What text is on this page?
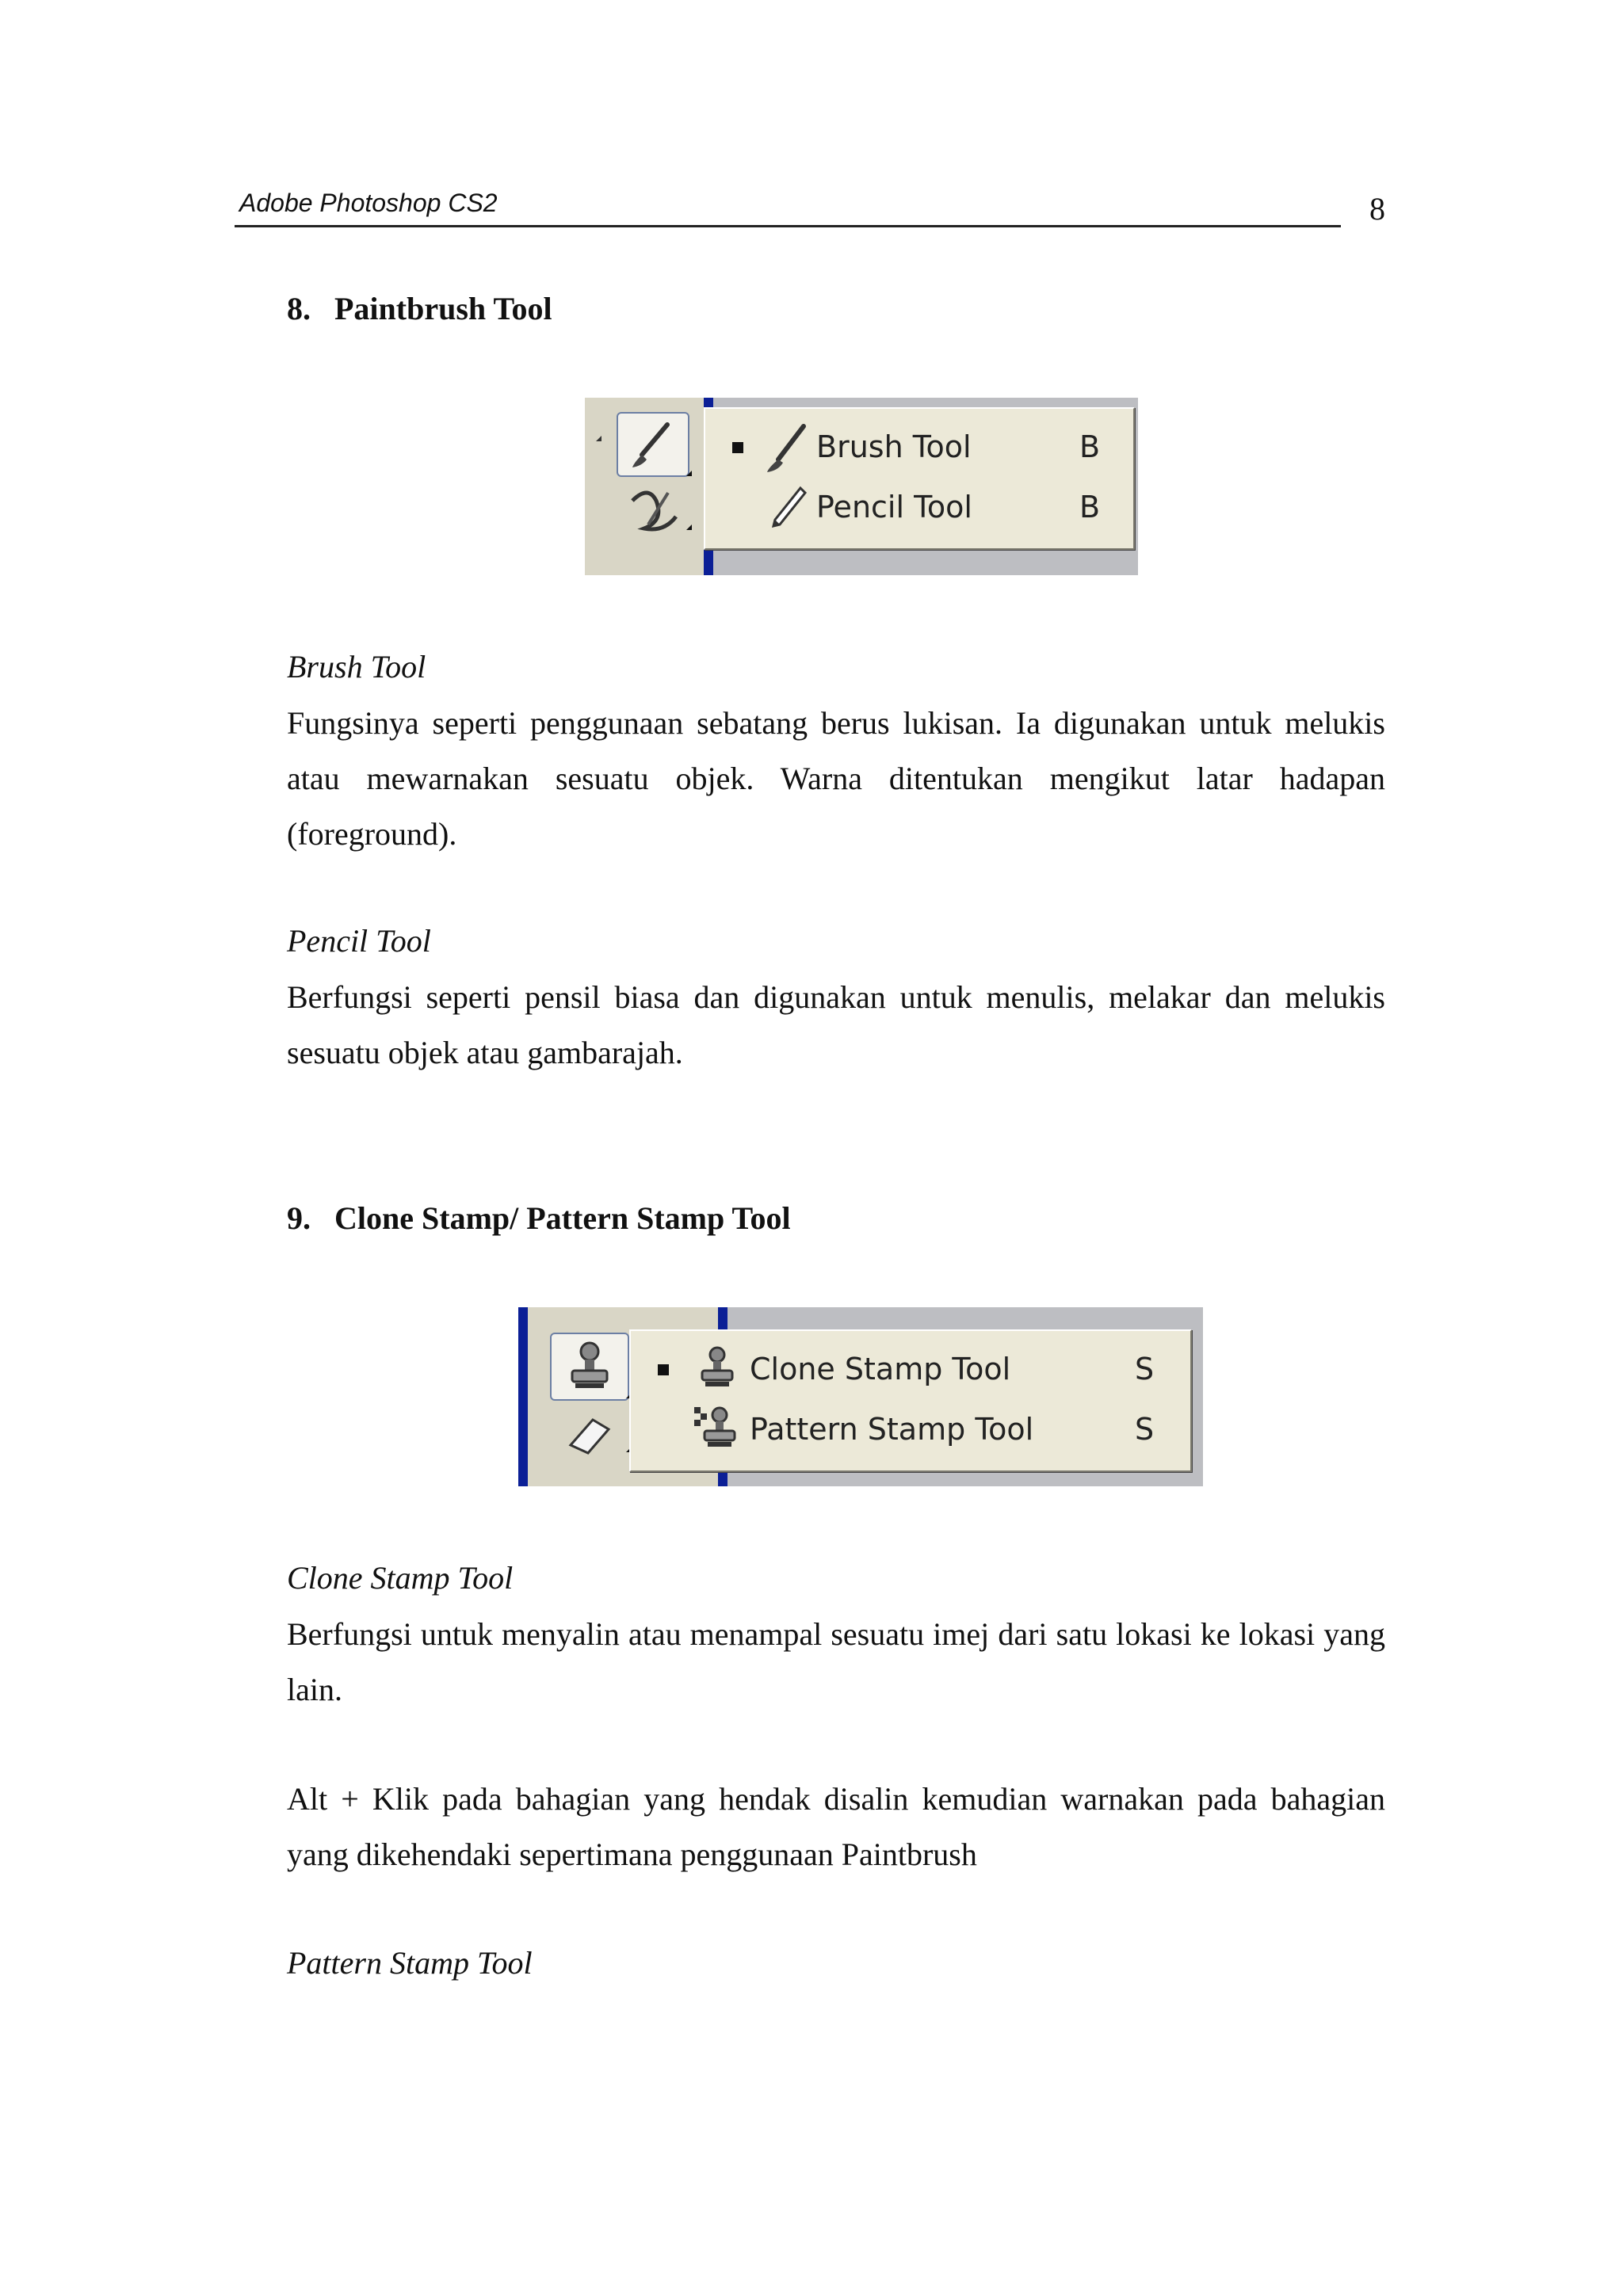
Adobe Photoshop CS2	8
8. Paintbrush Tool
Brush Tool	B
Pencil Tool	B
Brush Tool
Fungsinya seperti penggunaan sebatang berus lukisan. Ia digunakan untuk melukis atau mewarnakan sesuatu objek. Warna ditentukan mengikut latar hadapan (foreground).
Pencil Tool
Berfungsi seperti pensil biasa dan digunakan untuk menulis, melakar dan melukis sesuatu objek atau gambarajah.
9. Clone Stamp/ Pattern Stamp Tool
Clone Stamp Tool	S
Pattern Stamp Tool	S
Clone Stamp Tool
Berfungsi untuk menyalin atau menampal sesuatu imej dari satu lokasi ke lokasi yang lain.
Alt + Klik pada bahagian yang hendak disalin kemudian warnakan pada bahagian yang dikehendaki sepertimana penggunaan Paintbrush
Pattern Stamp Tool
